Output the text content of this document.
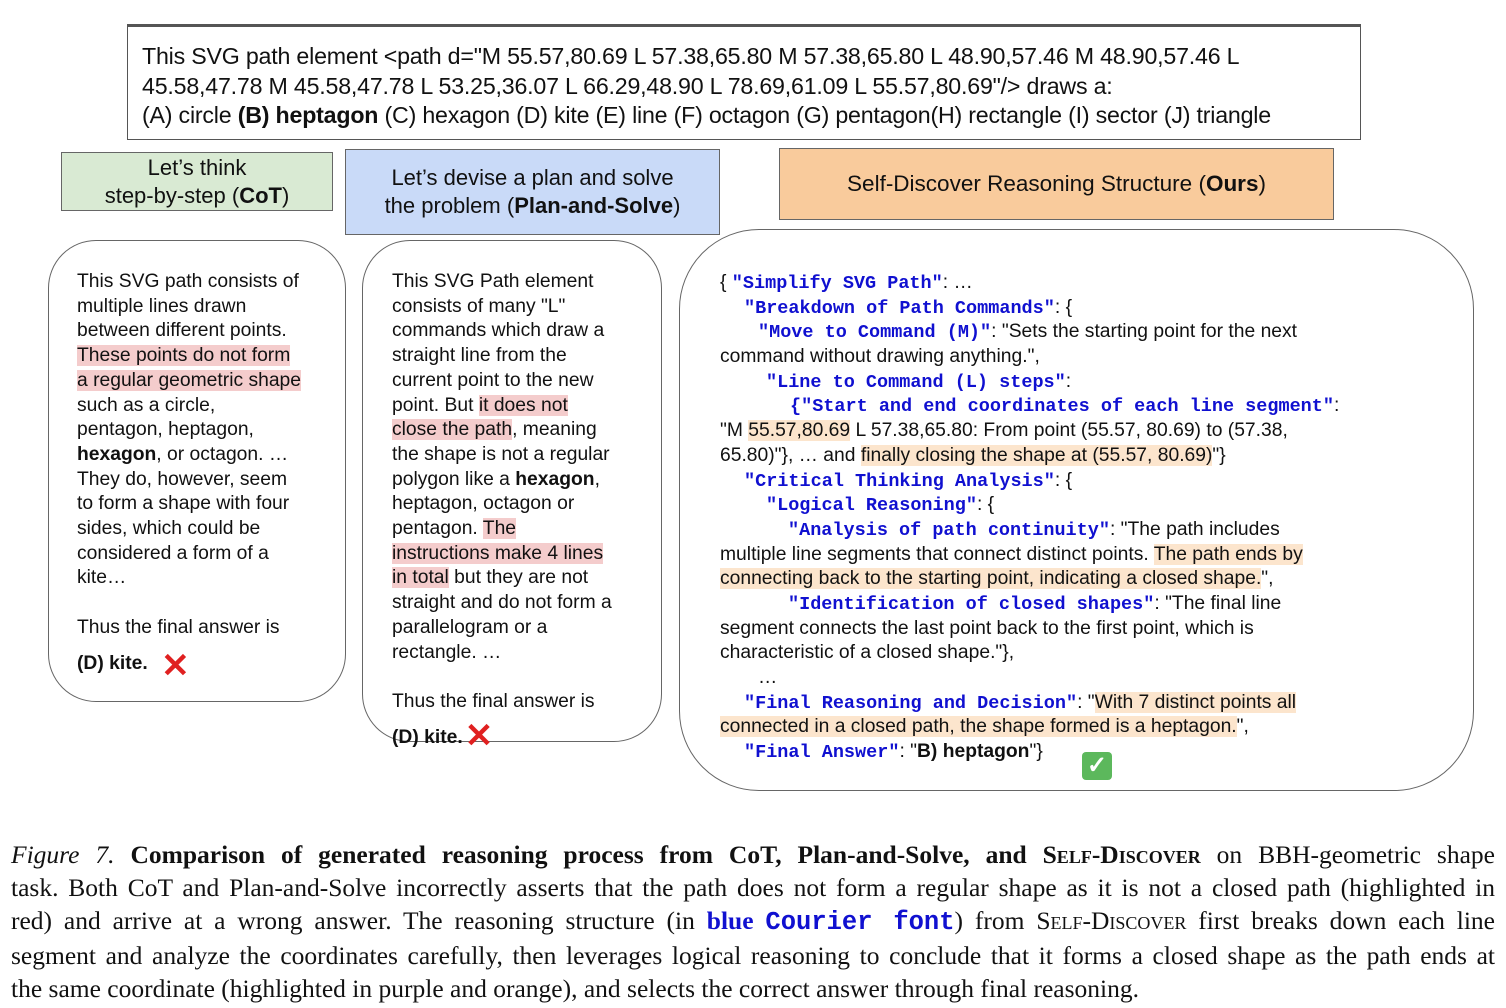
This SVG path element <path d="M 55.57,80.69 L 57.38,65.80 M 57.38,65.80 L 48.90,57.46 M 48.90,57.46 L
45.58,47.78 M 45.58,47.78 L 53.25,36.07 L 66.29,48.90 L 78.69,61.09 L 55.57,80.69"/> draws a:
(A) circle (B) heptagon (C) hexagon (D) kite (E) line (F) octagon (G) pentagon(H) rectangle (I) sector (J) triangle
Let’s think
step-by-step (CoT)
Let’s devise a plan and solve
the problem (Plan-and-Solve)
Self-Discover Reasoning Structure (Ours)
This SVG path consists of
multiple lines drawn
between different points.
These points do not form
a regular geometric shape
such as a circle,
pentagon, heptagon,
hexagon, or octagon. …
They do, however, seem
to form a shape with four
sides, which could be
considered a form of a
kite…
Thus the final answer is
(D) kite. ✕
This SVG Path element
consists of many "L"
commands which draw a
straight line from the
current point to the new
point. But it does not
close the path, meaning
the shape is not a regular
polygon like a hexagon,
heptagon, octagon or
pentagon. The
instructions make 4 lines
in total but they are not
straight and do not form a
parallelogram or a
rectangle. …
Thus the final answer is
(D) kite.✕
{ "Simplify SVG Path": …
"Breakdown of Path Commands": {
"Move to Command (M)": "Sets the starting point for the next
command without drawing anything.",
"Line to Command (L) steps":
{"Start and end coordinates of each line segment":
"M 55.57,80.69 L 57.38,65.80: From point (55.57, 80.69) to (57.38,
65.80)"}, … and finally closing the shape at (55.57, 80.69)"}
"Critical Thinking Analysis": {
"Logical Reasoning": {
"Analysis of path continuity": "The path includes
multiple line segments that connect distinct points. The path ends by
connecting back to the starting point, indicating a closed shape.",
"Identification of closed shapes": "The final line
segment connects the last point back to the first point, which is
characteristic of a closed shape."},
…
"Final Reasoning and Decision": "With 7 distinct points all
connected in a closed path, the shape formed is a heptagon.",
"Final Answer": "B) heptagon"}
✓
Figure 7. Comparison of generated reasoning process from CoT, Plan-and-Solve, and Self-Discover on BBH-geometric shape
task. Both CoT and Plan-and-Solve incorrectly asserts that the path does not form a regular shape as it is not a closed path (highlighted in
red) and arrive at a wrong answer. The reasoning structure (in blue Courier font) from Self-Discover first breaks down each line
segment and analyze the coordinates carefully, then leverages logical reasoning to conclude that it forms a closed shape as the path ends at
the same coordinate (highlighted in purple and orange), and selects the correct answer through final reasoning.
